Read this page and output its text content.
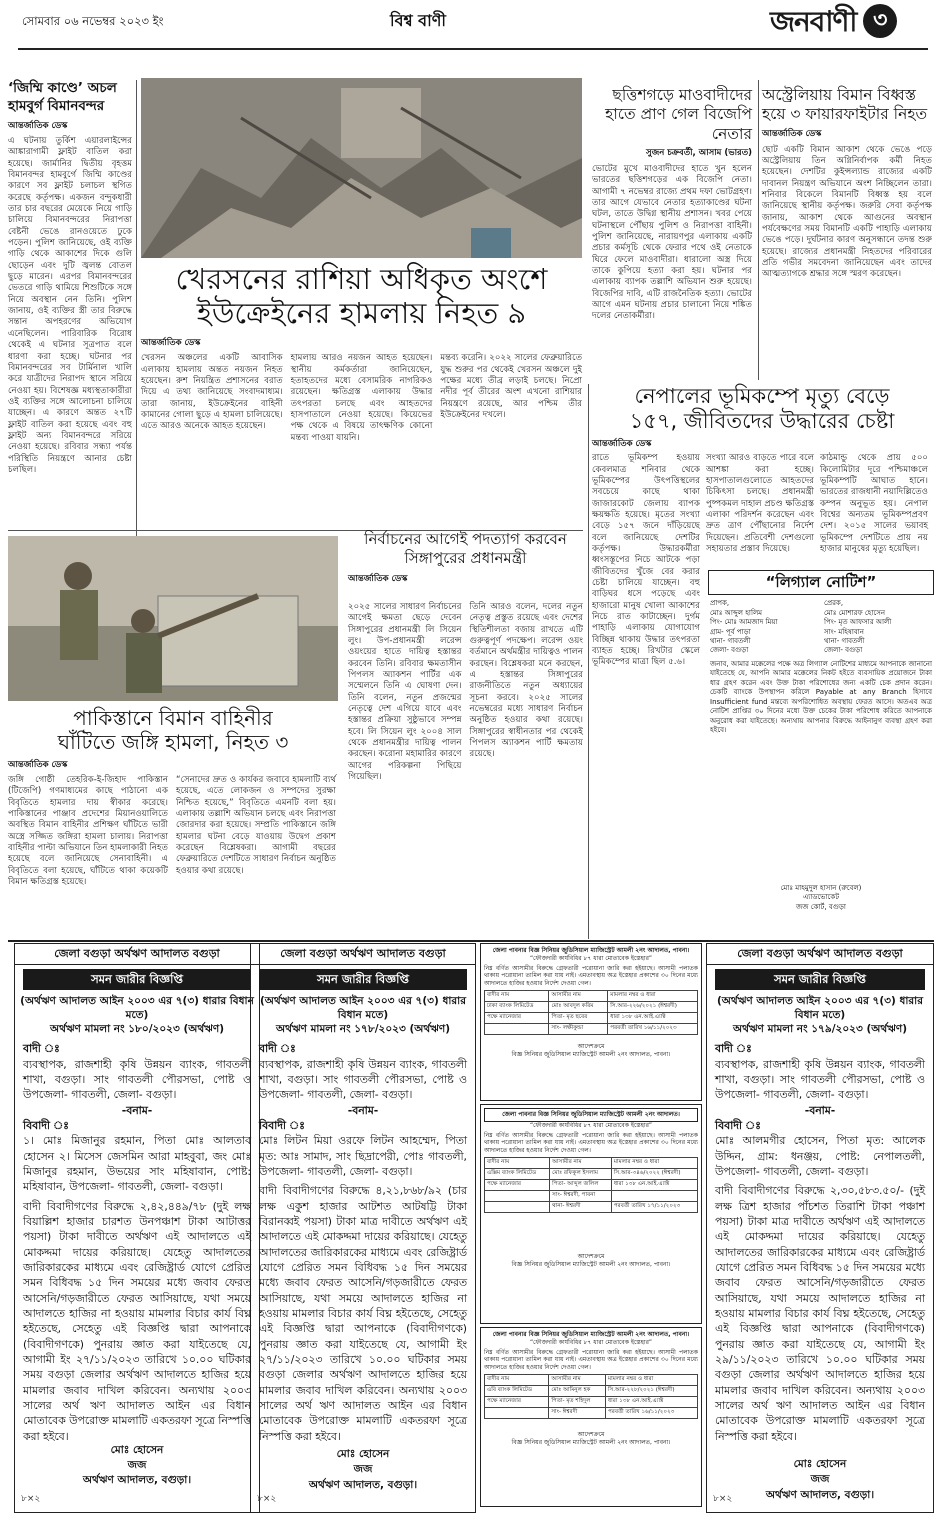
সোমবার ০৬ নভেম্বর ২০২৩ ইং	বিশ্ব বাণী	জনবাণী ৩
‘জিম্মি কাণ্ডে’ অচল হামবুর্গ বিমানবন্দর
আন্তর্জাতিক ডেস্ক
এ ঘটনায় তুর্কিশ এয়ারলাইন্সের আঙ্কারাগামী ফ্লাইট বাতিল করা হয়েছে। জার্মানির দ্বিতীয় বৃহত্তম বিমানবন্দর হামবুর্গে জিম্মি কাণ্ডের কারণে সব ফ্লাইট চলাচল স্থগিত করেছে কর্তৃপক্ষ। একজন বন্দুকধারী তার চার বছরের মেয়েকে নিয়ে গাড়ি চালিয়ে বিমানবন্দরের নিরাপত্তা বেষ্টনী ভেঙে রানওয়েতে ঢুকে পড়েন। পুলিশ জানিয়েছে, ওই ব্যক্তি গাড়ি থেকে আকাশের দিকে গুলি ছোড়েন এবং দুটি জ্বলন্ত বোতল ছুড়ে মারেন। এরপর বিমানবন্দরের ভেতরে গাড়ি থামিয়ে শিশুটিকে সঙ্গে নিয়ে অবস্থান নেন তিনি। পুলিশ জানায়, ওই ব্যক্তির স্ত্রী তার বিরুদ্ধে সন্তান অপহরণের অভিযোগ এনেছিলেন। পারিবারিক বিরোধ থেকেই এ ঘটনার সূত্রপাত বলে ধারণা করা হচ্ছে। ঘটনার পর বিমানবন্দরের সব টার্মিনাল খালি করে যাত্রীদের নিরাপদ স্থানে সরিয়ে নেওয়া হয়। বিশেষজ্ঞ মধ্যস্থতাকারীরা ওই ব্যক্তির সঙ্গে আলোচনা চালিয়ে যাচ্ছেন। এ কারণে অন্তত ২৭টি ফ্লাইট বাতিল করা হয়েছে এবং বহু ফ্লাইট অন্য বিমানবন্দরে সরিয়ে নেওয়া হয়েছে। রবিবার সন্ধ্যা পর্যন্ত পরিস্থিতি নিয়ন্ত্রণে আনার চেষ্টা চলছিল।
ছত্তিশগড়ে মাওবাদীদের হাতে প্রাণ গেল বিজেপি নেতার
সুজন চক্রবর্তী, আসাম (ভারত)
ভোটের মুখে মাওবাদীদের হাতে খুন হলেন ভারতের ছত্তিশগড়ের এক বিজেপি নেতা। আগামী ৭ নভেম্বর রাজ্যে প্রথম দফা ভোটগ্রহণ। তার আগে যেভাবে নেতার হত্যাকাণ্ডের ঘটনা ঘটল, তাতে উদ্বিগ্ন স্থানীয় প্রশাসন। খবর পেয়ে ঘটনাস্থলে পৌঁছায় পুলিশ ও নিরাপত্তা বাহিনী। পুলিশ জানিয়েছে, নারায়ণপুর এলাকায় একটি প্রচার কর্মসূচি থেকে ফেরার পথে ওই নেতাকে ঘিরে ফেলে মাওবাদীরা। ধারালো অস্ত্র দিয়ে তাকে কুপিয়ে হত্যা করা হয়। ঘটনার পর এলাকায় ব্যাপক তল্লাশি অভিযান শুরু হয়েছে। বিজেপির দাবি, এটি রাজনৈতিক হত্যা। ভোটের আগে এমন ঘটনায় প্রচার চালানো নিয়ে শঙ্কিত দলের নেতাকর্মীরা।
অস্ট্রেলিয়ায় বিমান বিধ্বস্ত হয়ে ৩ ফায়ারফাইটার নিহত
আন্তর্জাতিক ডেস্ক
ছোট একটি বিমান আকাশ থেকে ভেঙে পড়ে অস্ট্রেলিয়ায় তিন অগ্নিনির্বাপক কর্মী নিহত হয়েছেন। দেশটির কুইন্সল্যান্ড রাজ্যের একটি দাবানল নিয়ন্ত্রণ অভিযানে অংশ নিচ্ছিলেন তারা। শনিবার বিকেলে বিমানটি বিধ্বস্ত হয় বলে জানিয়েছে স্থানীয় কর্তৃপক্ষ। জরুরি সেবা কর্তৃপক্ষ জানায়, আকাশ থেকে আগুনের অবস্থান পর্যবেক্ষণের সময় বিমানটি একটি পাহাড়ি এলাকায় ভেঙে পড়ে। দুর্ঘটনার কারণ অনুসন্ধানে তদন্ত শুরু হয়েছে। রাজ্যের প্রধানমন্ত্রী নিহতদের পরিবারের প্রতি গভীর সমবেদনা জানিয়েছেন এবং তাদের আত্মত্যাগকে শ্রদ্ধার সঙ্গে স্মরণ করেছেন।
খেরসনের রাশিয়া অধিকৃত অংশে
ইউক্রেইনের হামলায় নিহত ৯
আন্তর্জাতিক ডেস্ক
খেরসন অঞ্চলের একটি আবাসিক এলাকায় হামলায় অন্তত নয়জন নিহত হয়েছেন। রুশ নিয়ন্ত্রিত প্রশাসনের বরাত দিয়ে এ তথ্য জানিয়েছে সংবাদমাধ্যম। তারা জানায়, ইউক্রেইনের বাহিনী কামানের গোলা ছুড়ে এ হামলা চালিয়েছে। এতে আরও অনেকে আহত হয়েছেন।
হামলায় আরও নয়জন আহত হয়েছেন। স্থানীয় কর্মকর্তারা জানিয়েছেন, হতাহতদের মধ্যে বেসামরিক নাগরিকও রয়েছেন। ক্ষতিগ্রস্ত এলাকায় উদ্ধার তৎপরতা চলছে এবং আহতদের হাসপাতালে নেওয়া হয়েছে। কিয়েভের পক্ষ থেকে এ বিষয়ে তাৎক্ষণিক কোনো মন্তব্য পাওয়া যায়নি।
মন্তব্য করেনি। ২০২২ সালের ফেব্রুয়ারিতে যুদ্ধ শুরুর পর থেকেই খেরসন অঞ্চলে দুই পক্ষের মধ্যে তীব্র লড়াই চলছে। নিপ্রো নদীর পূর্ব তীরের অংশ এখনো রাশিয়ার নিয়ন্ত্রণে রয়েছে, আর পশ্চিম তীর ইউক্রেইনের দখলে।
নেপালের ভূমিকম্পে মৃত্যু বেড়ে
১৫৭, জীবিতদের উদ্ধারের চেষ্টা
আন্তর্জাতিক ডেস্ক
রাতে ভূমিকম্প হওয়ায় কেবলমাত্র শনিবার থেকে ভূমিকম্পের উৎপত্তিস্থলের সবচেয়ে কাছে থাকা জাজারকোট জেলায় ব্যাপক ক্ষয়ক্ষতি হয়েছে। মৃতের সংখ্যা বেড়ে ১৫৭ জনে দাঁড়িয়েছে বলে জানিয়েছে দেশটির কর্তৃপক্ষ। উদ্ধারকর্মীরা ধ্বংসস্তূপের নিচে আটকে পড়া জীবিতদের খুঁজে বের করার চেষ্টা চালিয়ে যাচ্ছেন। বহু বাড়িঘর ধসে পড়েছে এবং হাজারো মানুষ খোলা আকাশের নিচে রাত কাটাচ্ছেন। দুর্গম পাহাড়ি এলাকায় যোগাযোগ বিচ্ছিন্ন থাকায় উদ্ধার তৎপরতা ব্যাহত হচ্ছে। রিখটার স্কেলে ভূমিকম্পের মাত্রা ছিল ৫.৬।
সংখ্যা আরও বাড়তে পারে বলে আশঙ্কা করা হচ্ছে। হাসপাতালগুলোতে আহতদের চিকিৎসা চলছে। প্রধানমন্ত্রী পুষ্পকমল দাহাল প্রচণ্ড ক্ষতিগ্রস্ত এলাকা পরিদর্শন করেছেন এবং দ্রুত ত্রাণ পৌঁছানোর নির্দেশ দিয়েছেন। প্রতিবেশী দেশগুলো সহায়তার প্রস্তাব দিয়েছে।
কাঠমান্ডু থেকে প্রায় ৫০০ কিলোমিটার দূরে পশ্চিমাঞ্চলে ভূমিকম্পটি আঘাত হানে। ভারতের রাজধানী নয়াদিল্লিতেও কম্পন অনুভূত হয়। নেপাল বিশ্বের অন্যতম ভূমিকম্পপ্রবণ দেশ। ২০১৫ সালের ভয়াবহ ভূমিকম্পে দেশটিতে প্রায় নয় হাজার মানুষের মৃত্যু হয়েছিল।
নির্বাচনের আগেই পদত্যাগ করবেন সিঙ্গাপুরের প্রধানমন্ত্রী
আন্তর্জাতিক ডেস্ক
২০২৫ সালের সাধারণ নির্বাচনের আগেই ক্ষমতা ছেড়ে দেবেন সিঙ্গাপুরের প্রধানমন্ত্রী লি সিয়েন লুং। উপ-প্রধানমন্ত্রী লরেন্স ওয়ংয়ের হাতে দায়িত্ব হস্তান্তর করবেন তিনি। রবিবার ক্ষমতাসীন পিপলস অ্যাকশন পার্টির এক সম্মেলনে তিনি এ ঘোষণা দেন। তিনি বলেন, নতুন প্রজন্মের নেতৃত্বে দেশ এগিয়ে যাবে এবং হস্তান্তর প্রক্রিয়া সুষ্ঠুভাবে সম্পন্ন হবে। লি সিয়েন লুং ২০০৪ সাল থেকে প্রধানমন্ত্রীর দায়িত্ব পালন করছেন। করোনা মহামারির কারণে আগের পরিকল্পনা পিছিয়ে গিয়েছিল।
তিনি আরও বলেন, দলের নতুন নেতৃত্ব প্রস্তুত রয়েছে এবং দেশের স্থিতিশীলতা বজায় রাখতে এটি গুরুত্বপূর্ণ পদক্ষেপ। লরেন্স ওয়ং বর্তমানে অর্থমন্ত্রীর দায়িত্বও পালন করছেন। বিশ্লেষকরা মনে করছেন, এ হস্তান্তর সিঙ্গাপুরের রাজনীতিতে নতুন অধ্যায়ের সূচনা করবে। ২০২৫ সালের নভেম্বরের মধ্যে সাধারণ নির্বাচন অনুষ্ঠিত হওয়ার কথা রয়েছে। সিঙ্গাপুরের স্বাধীনতার পর থেকেই পিপলস অ্যাকশন পার্টি ক্ষমতায় রয়েছে।
পাকিস্তানে বিমান বাহিনীর
ঘাঁটিতে জঙ্গি হামলা, নিহত ৩
আন্তর্জাতিক ডেস্ক
জঙ্গি গোষ্ঠী তেহরিক-ই-জিহাদ পাকিস্তান (টিজেপি) গণমাধ্যমের কাছে পাঠানো এক বিবৃতিতে হামলার দায় স্বীকার করেছে। পাকিস্তানের পাঞ্জাব প্রদেশের মিয়ানওয়ালিতে অবস্থিত বিমান বাহিনীর প্রশিক্ষণ ঘাঁটিতে ভারী অস্ত্রে সজ্জিত জঙ্গিরা হামলা চালায়। নিরাপত্তা বাহিনীর পাল্টা অভিযানে তিন হামলাকারী নিহত হয়েছে বলে জানিয়েছে সেনাবাহিনী। এ বিবৃতিতে বলা হয়েছে, ঘাঁটিতে থাকা কয়েকটি বিমান ক্ষতিগ্রস্ত হয়েছে।
“সেনাদের দ্রুত ও কার্যকর জবাবে হামলাটি ব্যর্থ হয়েছে, এতে লোকজন ও সম্পদের সুরক্ষা নিশ্চিত হয়েছে,” বিবৃতিতে এমনটি বলা হয়। এলাকায় তল্লাশি অভিযান চলছে এবং নিরাপত্তা জোরদার করা হয়েছে। সম্প্রতি পাকিস্তানে জঙ্গি হামলার ঘটনা বেড়ে যাওয়ায় উদ্বেগ প্রকাশ করেছেন বিশ্লেষকরা। আগামী বছরের ফেব্রুয়ারিতে দেশটিতে সাধারণ নির্বাচন অনুষ্ঠিত হওয়ার কথা রয়েছে।
“লিগ্যাল নোটিশ”
প্রাপক,
মোঃ আব্দুল হালিম
পিং- মোঃ আমজাদ মিয়া
গ্রাম- পূর্ব পাড়া
থানা- গাবতলী
জেলা- বগুড়া
প্রেরক,
মোঃ মোশারফ হোসেন
পিং- মৃত আফসার আলী
সাং- মহিষাবান
থানা- গাবতলী
জেলা- বগুড়া
জনাব, আমার মক্কেলের পক্ষে অত্র লিগ্যাল নোটিশের মাধ্যমে আপনাকে জানানো যাইতেছে যে, আপনি আমার মক্কেলের নিকট হইতে ব্যবসায়িক প্রয়োজনে টাকা ধার গ্রহণ করেন এবং উক্ত টাকা পরিশোধের জন্য একটি চেক প্রদান করেন। চেকটি ব্যাংকে উপস্থাপন করিলে Payable at any Branch হিসাবে Insufficient fund মন্তব্যে অপরিশোধিত অবস্থায় ফেরত আসে। অতএব অত্র নোটিশ প্রাপ্তির ৩০ দিনের মধ্যে উক্ত চেকের টাকা পরিশোধ করিতে আপনাকে অনুরোধ করা যাইতেছে। অন্যথায় আপনার বিরুদ্ধে আইনানুগ ব্যবস্থা গ্রহণ করা হইবে।
মোঃ মাহমুদুল হাসান (রুবেল)
এ্যাডভোকেট
জজ কোর্ট, বগুড়া
জেলা বগুড়া অর্থঋণ আদালত বগুড়া
সমন জারীর বিজ্ঞপ্তি
(অর্থঋণ আদালত আইন ২০০৩ এর ৭(৩) ধারার বিধান মতে)
অর্থঋণ মামলা নং ১৮০/২০২৩ (অর্থঋণ)
বাদী ঃ
ব্যবস্থাপক, রাজশাহী কৃষি উন্নয়ন ব্যাংক, গাবতলী শাখা, বগুড়া। সাং গাবতলী পৌরসভা, পোষ্ট ও উপজেলা- গাবতলী, জেলা- বগুড়া।
-বনাম-
বিবাদী ঃ
১। মোঃ মিজানুর রহমান, পিতা মোঃ আলতাব হোসেন ২। মিসেস জেসমিন আরা মাহবুবা, জং মোঃ মিজানুর রহমান, উভয়ের সাং মহিষাবান, পোষ্ট: মহিষাবান, উপজেলা- গাবতলী, জেলা- বগুড়া।
বাদী বিবাদীগণের বিরুদ্ধে ২,৪২,৪৪৯/৭৮ (দুই লক্ষ বিয়াল্লিশ হাজার চারশত উনপঞ্চাশ টাকা আটাত্তর পয়সা) টাকা দাবীতে অর্থঋণ এই আদালতে এই মোকদ্দমা দায়ের করিয়াছে। যেহেতু আদালতের জারিকারকের মাধ্যমে এবং রেজিষ্ট্রার্ড যোগে প্রেরিত সমন বিধিবদ্ধ ১৫ দিন সময়ের মধ্যে জবাব ফেরত আসেনি/গড়জারীতে ফেরত আসিয়াছে, যথা সময়ে আদালতে হাজির না হওয়ায় মামলার বিচার কার্য বিঘ্ন হইতেছে, সেহেতু এই বিজ্ঞপ্তি দ্বারা আপনাকে (বিবাদীগণকে) পুনরায় জ্ঞাত করা যাইতেছে যে, আগামী ইং ২৭/১১/২০২৩ তারিখে ১০.০০ ঘটিকার সময় বগুড়া জেলার অর্থঋণ আদালতে হাজির হয়ে মামলার জবাব দাখিল করিবেন। অন্যথায় ২০০৩ সালের অর্থ ঋণ আদালত আইন এর বিধান মোতাবেক উপরোক্ত মামলাটি একতরফা সূত্রে নিস্পত্তি করা হইবে।
মোঃ হোসেন
জজ
অর্থঋণ আদালত, বগুড়া।
৮×২
জেলা বগুড়া অর্থঋণ আদালত বগুড়া
সমন জারীর বিজ্ঞপ্তি
(অর্থঋণ আদালত আইন ২০০৩ এর ৭(৩) ধারার বিধান মতে)
অর্থঋণ মামলা নং ১৭৮/২০২৩ (অর্থঋণ)
বাদী ঃ
ব্যবস্থাপক, রাজশাহী কৃষি উন্নয়ন ব্যাংক, গাবতলী শাখা, বগুড়া। সাং গাবতলী পৌরসভা, পোষ্ট ও উপজেলা- গাবতলী, জেলা- বগুড়া।
-বনাম-
বিবাদী ঃ
মোঃ লিটন মিয়া ওরফে লিটন আহম্মেদ, পিতা মৃত: আঃ সামাদ, সাং ছিদ্রাপেরী, পোঃ গাবতলী, উপজেলা- গাবতলী, জেলা- বগুড়া।
বাদী বিবাদীগণের বিরুদ্ধে ৪,২১,৮৬৮/৯২ (চার লক্ষ একুশ হাজার আটশত আটষট্টি টাকা বিরানব্বই পয়সা) টাকা মাত্র দাবীতে অর্থঋণ এই আদালতে এই মোকদ্দমা দায়ের করিয়াছে। যেহেতু আদালতের জারিকারকের মাধ্যমে এবং রেজিষ্ট্রার্ড যোগে প্রেরিত সমন বিধিবদ্ধ ১৫ দিন সময়ের মধ্যে জবাব ফেরত আসেনি/গড়জারীতে ফেরত আসিয়াছে, যথা সময়ে আদালতে হাজির না হওয়ায় মামলার বিচার কার্য বিঘ্ন হইতেছে, সেহেতু এই বিজ্ঞপ্তি দ্বারা আপনাকে (বিবাদীগণকে) পুনরায় জ্ঞাত করা যাইতেছে যে, আগামী ইং ২৭/১১/২০২৩ তারিখে ১০.০০ ঘটিকার সময় বগুড়া জেলার অর্থঋণ আদালতে হাজির হয়ে মামলার জবাব দাখিল করিবেন। অন্যথায় ২০০৩ সালের অর্থ ঋণ আদালত আইন এর বিধান মোতাবেক উপরোক্ত মামলাটি একতরফা সূত্রে নিস্পত্তি করা হইবে।
মোঃ হোসেন
জজ
অর্থঋণ আদালত, বগুড়া।
৮×২
জেলা পাবনার বিজ্ঞ সিনিয়র জুডিসিয়াল ম্যাজিস্ট্রেট আমলী ২নং আদালত, পাবনা।
“ফৌজদারী কার্যবিধির ৮৭ ধারা মোতাবেক ইস্তেহার”
নিম্ন বর্ণিত আসামীর বিরুদ্ধে গ্রেফতারী পরোয়ানা জারি করা হইয়াছে। আসামী পলাতক থাকায় পরোয়ানা তামিল করা যায় নাই। এমতাবস্থায় অত্র ইস্তেহার প্রকাশের ৩০ দিনের মধ্যে আদালতে হাজির হওয়ার নির্দেশ দেওয়া গেল।
বাদীর নাম	আসামীর নাম	মামলার নম্বর ও ধারা
ঢাকা ব্যাংক লিমিটেড	মোঃ আবদুল করিম	সি.আর-২২৬/২০২১ (ঈশ্বরদী)
পক্ষে ম্যানেজার	পিতা- মৃত ছবের	ধারা ১৩৮ এন.আই.এ্যাক্ট
	সাং- লক্ষীকুন্ডা	পরবর্তী তারিখ ১৬/১১/২০২৩
আদেশক্রমে
বিজ্ঞ সিনিয়র জুডিসিয়াল ম্যাজিস্ট্রেট আমলী ২নং আদালত, পাবনা।
জেলা পাবনার বিজ্ঞ সিনিয়র জুডিসিয়াল ম্যাজিস্ট্রেট আমলী ২নং আদালত।
“ফৌজদারী কার্যবিধির ৮৭ ধারা মোতাবেক ইস্তেহার”
নিম্ন বর্ণিত আসামীর বিরুদ্ধে গ্রেফতারী পরোয়ানা জারি করা হইয়াছে। আসামী পলাতক থাকায় পরোয়ানা তামিল করা যায় নাই। এমতাবস্থায় অত্র ইস্তেহার প্রকাশের ৩০ দিনের মধ্যে আদালতে হাজির হওয়ার নির্দেশ দেওয়া গেল।
বাদীর নাম	আসামীর নাম	মামলার নম্বর ও ধারা
এক্সিম ব্যাংক লিমিটেড	মোঃ রফিকুল ইসলাম	সি.আর-৩৪৬/২০২২ (ঈশ্বরদী)
পক্ষে ম্যানেজার	পিতা- আব্দুল জলিল	ধারা ১৩৮ এন.আই.এ্যাক্ট
	সাং- ঈশ্বরদী, পাবনা	
	থানা- ঈশ্বরদী	পরবর্তী তারিখ ১৭/১১/২০২৩
আদেশক্রমে
বিজ্ঞ সিনিয়র জুডিসিয়াল ম্যাজিস্ট্রেট আমলী ২নং আদালত, পাবনা।
জেলা পাবনার বিজ্ঞ সিনিয়র জুডিসিয়াল ম্যাজিস্ট্রেট আমলী ২নং আদালত, পাবনা।
“ফৌজদারী কার্যবিধির ৮৭ ধারা মোতাবেক ইস্তেহার”
নিম্ন বর্ণিত আসামীর বিরুদ্ধে গ্রেফতারী পরোয়ানা জারি করা হইয়াছে। আসামী পলাতক থাকায় পরোয়ানা তামিল করা যায় নাই। এমতাবস্থায় অত্র ইস্তেহার প্রকাশের ৩০ দিনের মধ্যে আদালতে হাজির হওয়ার নির্দেশ দেওয়া গেল।
বাদীর নাম	আসামীর নাম	মামলার নম্বর ও ধারা
এবি ব্যাংক লিমিটেড	মোঃ আমিনুল হক	সি.আর-২২৮/২০২১ (ঈশ্বরদী)
পক্ষে ম্যানেজার	পিতা- মৃত শহিদুল	ধারা ১৩৮ এন.আই.এ্যাক্ট
	সাং- ঈশ্বরদী	পরবর্তী তারিখ ১৬/১১/২০২৩
আদেশক্রমে
বিজ্ঞ সিনিয়র জুডিসিয়াল ম্যাজিস্ট্রেট আমলী ২নং আদালত, পাবনা।
জেলা বগুড়া অর্থঋণ আদালত বগুড়া
সমন জারীর বিজ্ঞপ্তি
(অর্থঋণ আদালত আইন ২০০৩ এর ৭(৩) ধারার বিধান মতে)
অর্থঋণ মামলা নং ১৭৯/২০২৩ (অর্থঋণ)
বাদী ঃ
ব্যবস্থাপক, রাজশাহী কৃষি উন্নয়ন ব্যাংক, গাবতলী শাখা, বগুড়া। সাং গাবতলী পৌরসভা, পোষ্ট ও উপজেলা- গাবতলী, জেলা- বগুড়া।
-বনাম-
বিবাদী ঃ
মোঃ আলমগীর হোসেন, পিতা মৃত: আলেক উদ্দিন, গ্রাম: ধনঞ্জয়, পোষ্ট: নেপালতলী, উপজেলা- গাবতলী, জেলা- বগুড়া।
বাদী বিবাদীগণের বিরুদ্ধে ২,৩০,৫৮৩.৫০/- (দুই লক্ষ ত্রিশ হাজার পাঁচশত তিরাশি টাকা পঞ্চাশ পয়সা) টাকা মাত্র দাবীতে অর্থঋণ এই আদালতে এই মোকদ্দমা দায়ের করিয়াছে। যেহেতু আদালতের জারিকারকের মাধ্যমে এবং রেজিষ্ট্রার্ড যোগে প্রেরিত সমন বিধিবদ্ধ ১৫ দিন সময়ের মধ্যে জবাব ফেরত আসেনি/গড়জারীতে ফেরত আসিয়াছে, যথা সময়ে আদালতে হাজির না হওয়ায় মামলার বিচার কার্য বিঘ্ন হইতেছে, সেহেতু এই বিজ্ঞপ্তি দ্বারা আপনাকে (বিবাদীগণকে) পুনরায় জ্ঞাত করা যাইতেছে যে, আগামী ইং ২৯/১১/২০২৩ তারিখে ১০.০০ ঘটিকার সময় বগুড়া জেলার অর্থঋণ আদালতে হাজির হয়ে মামলার জবাব দাখিল করিবেন। অন্যথায় ২০০৩ সালের অর্থ ঋণ আদালত আইন এর বিধান মোতাবেক উপরোক্ত মামলাটি একতরফা সূত্রে নিস্পত্তি করা হইবে।
মোঃ হোসেন
জজ
অর্থঋণ আদালত, বগুড়া।
৮×২
